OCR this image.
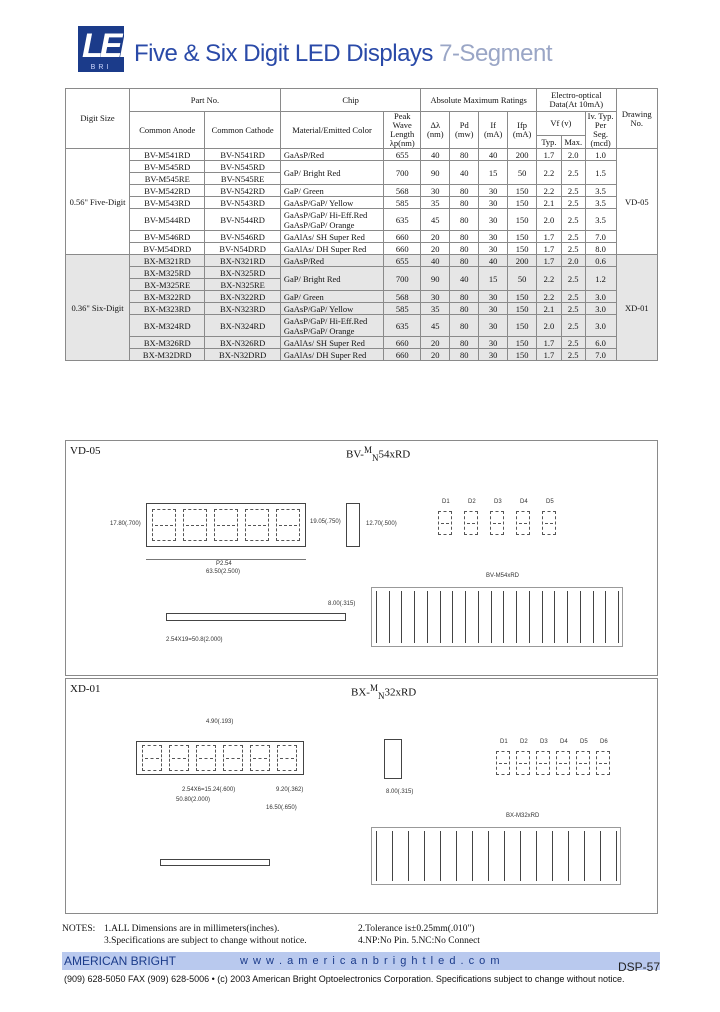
LED
BRI
Five & Six Digit LED Displays 7-Segment
Digit Size	Part No.		Chip		Absolute Maximum Ratings				Electro-optical Data(At 10mA)			Drawing No.
	Common Anode	Common Cathode	Material/Emitted Color	Peak Wave Length λp(nm)	Δλ (nm)	Pd (mw)	If (mA)	Ifp (mA)	Vf (v)		Iv. Typ. Per Seg. (mcd)	
									Typ.	Max.		
0.56" Five-Digit	BV-M541RD	BV-N541RD	GaAsP/Red	655	40	80	40	200	1.7	2.0	1.0	VD-05
	BV-M545RD	BV-N545RD	GaP/ Bright Red	700	90	40	15	50	2.2	2.5	1.5	
	BV-M545RE	BV-N545RE										
	BV-M542RD	BV-N542RD	GaP/ Green	568	30	80	30	150	2.2	2.5	3.5	
	BV-M543RD	BV-N543RD	GaAsP/GaP/ Yellow	585	35	80	30	150	2.1	2.5	3.5	
	BV-M544RD	BV-N544RD	GaAsP/GaP/ Hi-Eff.Red
GaAsP/GaP/ Orange	635	45	80	30	150	2.0	2.5	3.5	
	BV-M546RD	BV-N546RD	GaAlAs/ SH Super Red	660	20	80	30	150	1.7	2.5	7.0	
	BV-M54DRD	BV-N54DRD	GaAlAs/ DH Super Red	660	20	80	30	150	1.7	2.5	8.0	
0.36" Six-Digit	BX-M321RD	BX-N321RD	GaAsP/Red	655	40	80	40	200	1.7	2.0	0.6	XD-01
	BX-M325RD	BX-N325RD	GaP/ Bright Red	700	90	40	15	50	2.2	2.5	1.2	
	BX-M325RE	BX-N325RE										
	BX-M322RD	BX-N322RD	GaP/ Green	568	30	80	30	150	2.2	2.5	3.0	
	BX-M323RD	BX-N323RD	GaAsP/GaP/ Yellow	585	35	80	30	150	2.1	2.5	3.0	
	BX-M324RD	BX-N324RD	GaAsP/GaP/ Hi-Eff.Red
GaAsP/GaP/ Orange	635	45	80	30	150	2.0	2.5	3.0	
	BX-M326RD	BX-N326RD	GaAlAs/ SH Super Red	660	20	80	30	150	1.7	2.5	6.0	
	BX-M32DRD	BX-N32DRD	GaAlAs/ DH Super Red	660	20	80	30	150	1.7	2.5	7.0	
VD-05	BV-$^M_N$54xRD
17.80(.700)	19.05(.750)
P2.54
63.50(2.500)
12.70(.500)
2.54X19=50.8(2.000)
8.00(.315)
D1	D2	D3	D4	D5
BV-M54xRD
XD-01	BX-$^M_N$32xRD
4.90(.193)
50.80(2.000)
2.54X6=15.24(.600)
16.50(.650)
9.20(.362)	8.00(.315)
D1 D2 D3 D4 D5 D6
BX-M32xRD
NOTES: 1.ALL Dimensions are in millimeters(inches).	2.Tolerance is±0.25mm(.010")
3.Specifications are subject to change without notice.	4.NP:No Pin. 5.NC:No Connect
AMERICAN BRIGHT	w w w . a m e r i c a n b r i g h t l e d . c o m	DSP-57
(909) 628-5050 FAX (909) 628-5006 • (c) 2003 American Bright Optoelectronics Corporation. Specifications subject to change without notice.
